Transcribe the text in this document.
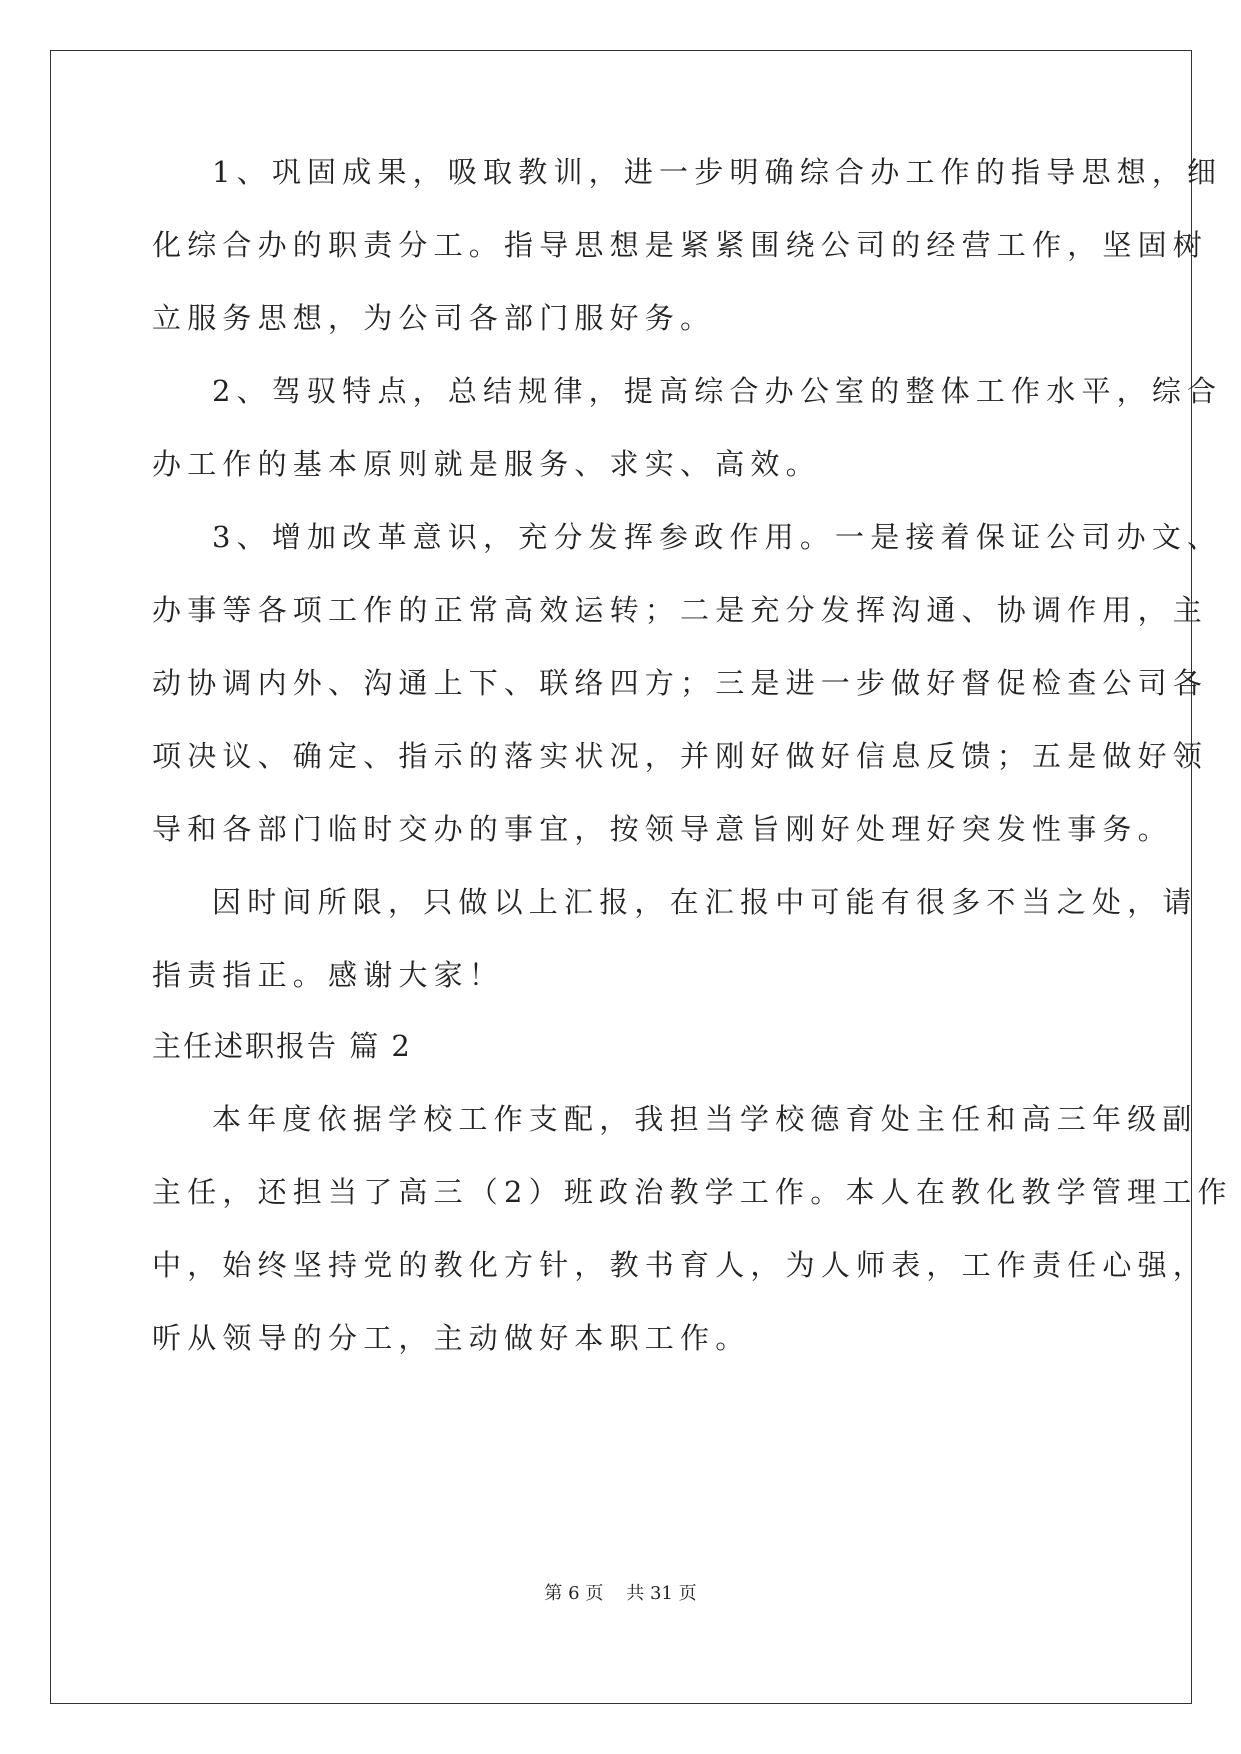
1、巩固成果，吸取教训，进一步明确综合办工作的指导思想，细
化综合办的职责分工。指导思想是紧紧围绕公司的经营工作，坚固树
立服务思想，为公司各部门服好务。
2、驾驭特点，总结规律，提高综合办公室的整体工作水平，综合
办工作的基本原则就是服务、求实、高效。
3、增加改革意识，充分发挥参政作用。一是接着保证公司办文、
办事等各项工作的正常高效运转；二是充分发挥沟通、协调作用，主
动协调内外、沟通上下、联络四方；三是进一步做好督促检查公司各
项决议、确定、指示的落实状况，并刚好做好信息反馈；五是做好领
导和各部门临时交办的事宜，按领导意旨刚好处理好突发性事务。
因时间所限，只做以上汇报，在汇报中可能有很多不当之处，请
指责指正。感谢大家！
主任述职报告 篇 2
本年度依据学校工作支配，我担当学校德育处主任和高三年级副
主任，还担当了高三（2）班政治教学工作。本人在教化教学管理工作
中，始终坚持党的教化方针，教书育人，为人师表，工作责任心强，
听从领导的分工，主动做好本职工作。
第 6 页 共 31 页
